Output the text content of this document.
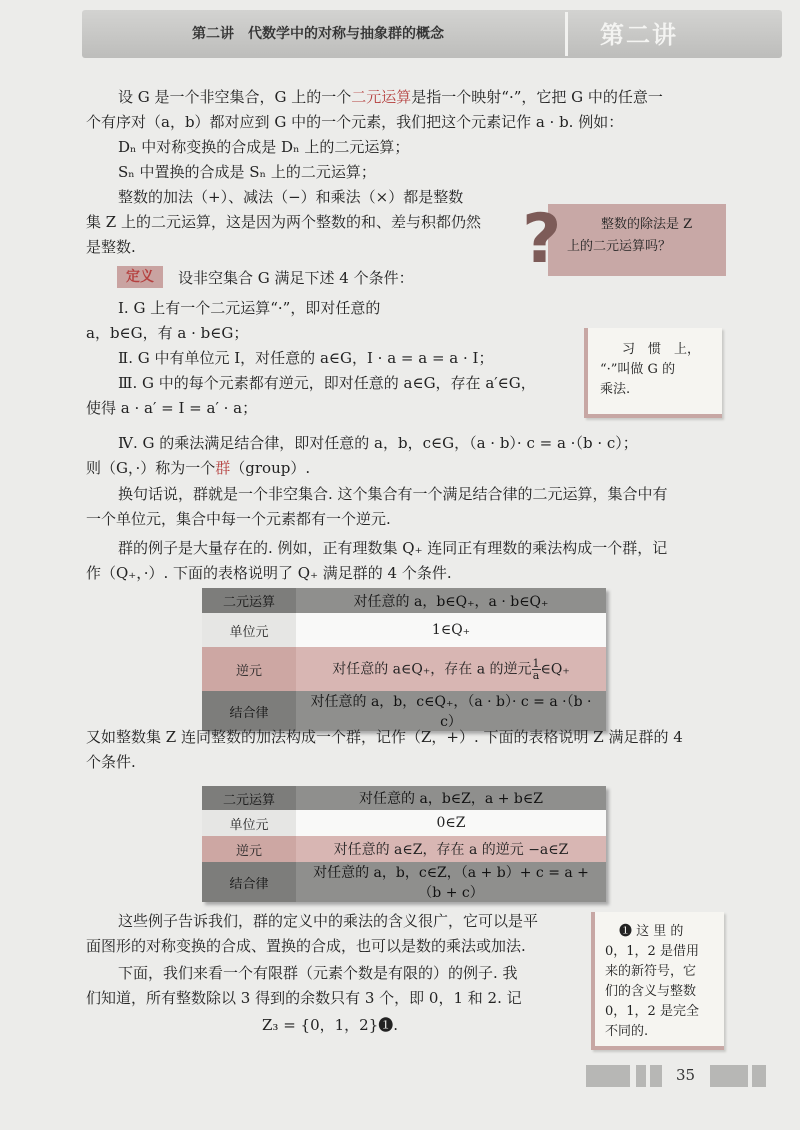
第二讲　代数学中的对称与抽象群的概念	第二讲
设 G 是一个非空集合，G 上的一个二元运算是指一个映射“·”，它把 G 中的任意一
个有序对（a，b）都对应到 G 中的一个元素，我们把这个元素记作 a · b. 例如：
Dₙ 中对称变换的合成是 Dₙ 上的二元运算；
Sₙ 中置换的合成是 Sₙ 上的二元运算；
整数的加法（+）、减法（−）和乘法（×）都是整数
集 Z 上的二元运算，这是因为两个整数的和、差与积都仍然
是整数.	?	整数的除法是 Z
上的二元运算吗？
定义	设非空集合 G 满足下述 4 个条件：
Ⅰ. G 上有一个二元运算“·”，即对任意的
a，b∈G，有 a · b∈G；
Ⅱ. G 中有单位元 I，对任意的 a∈G，I · a = a = a · I；
Ⅲ. G 中的每个元素都有逆元，即对任意的 a∈G，存在 a′∈G，
使得 a · a′ = I = a′ · a；
习　惯　上，
“·”叫做 G 的
乘法.
Ⅳ. G 的乘法满足结合律，即对任意的 a，b，c∈G，（a · b）· c = a ·（b · c）；
则（G，·）称为一个群（group）.
换句话说，群就是一个非空集合. 这个集合有一个满足结合律的二元运算，集合中有
一个单位元，集合中每一个元素都有一个逆元.
群的例子是大量存在的. 例如，正有理数集 Q₊ 连同正有理数的乘法构成一个群，记
作（Q₊，·）. 下面的表格说明了 Q₊ 满足群的 4 个条件.
二元运算	对任意的 a，b∈Q₊，a · b∈Q₊
单位元	1∈Q₊
逆元	对任意的 a∈Q₊，存在 a 的逆元 $\frac{1}{a}$ ∈Q₊
结合律	对任意的 a，b，c∈Q₊，（a · b）· c = a ·（b · c）
又如整数集 Z 连同整数的加法构成一个群，记作（Z，+）. 下面的表格说明 Z 满足群的 4
个条件.
二元运算	对任意的 a，b∈Z，a + b∈Z
单位元	0∈Z
逆元	对任意的 a∈Z，存在 a 的逆元 −a∈Z
结合律	对任意的 a，b，c∈Z，（a + b）+ c = a +（b + c）
这些例子告诉我们，群的定义中的乘法的含义很广，它可以是平
面图形的对称变换的合成、置换的合成，也可以是数的乘法或加法.
下面，我们来看一个有限群（元素个数是有限的）的例子. 我
们知道，所有整数除以 3 得到的余数只有 3 个，即 0，1 和 2. 记
Z₃ = {0，1，2}❶.
❶ 这 里 的
0，1，2 是借用
来的新符号，它
们的含义与整数
0，1，2 是完全
不同的.
35
